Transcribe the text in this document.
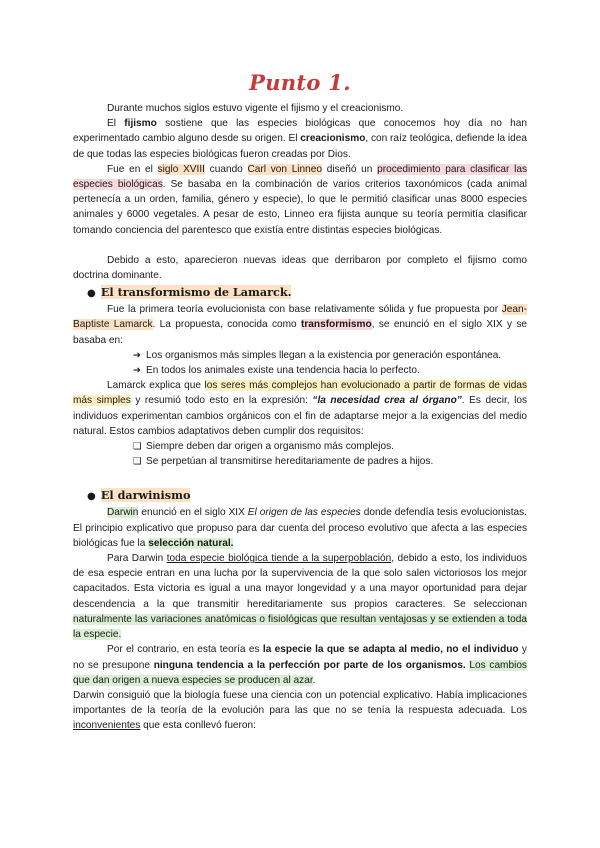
Punto 1.

Durante muchos siglos estuvo vigente el fijismo y el creacionismo.

El fijismo sostiene que las especies biológicas que conocemos hoy día no han experimentado cambio alguno desde su origen. El creacionismo, con raíz teológica, defiende la idea de que todas las especies biológicas fueron creadas por Dios.

Fue en el siglo XVIII cuando Carl von Linneo diseñó un procedimiento para clasificar las especies biológicas. Se basaba en la combinación de varios criterios taxonómicos (cada animal pertenecía a un orden, familia, género y especie), lo que le permitió clasificar unas 8000 especies animales y 6000 vegetales. A pesar de esto, Linneo era fijista aunque su teoría permitía clasificar tomando conciencia del parentesco que existía entre distintas especies biológicas.

Debido a esto, aparecieron nuevas ideas que derribaron por completo el fijismo como doctrina dominante.

● El transformismo de Lamarck.

Fue la primera teoría evolucionista con base relativamente sólida y fue propuesta por Jean-Baptiste Lamarck. La propuesta, conocida como transformismo, se enunció en el siglo XIX y se basaba en:

➔ Los organismos más simples llegan a la existencia por generación espontánea.
➔ En todos los animales existe una tendencia hacia lo perfecto.

Lamarck explica que los seres más complejos han evolucionado a partir de formas de vidas más simples y resumió todo esto en la expresión: “la necesidad crea al órgano”. Es decir, los individuos experimentan cambios orgánicos con el fin de adaptarse mejor a la exigencias del medio natural. Estos cambios adaptativos deben cumplir dos requisitos:

❑ Siempre deben dar origen a organismo más complejos.
❑ Se perpetúan al transmitirse hereditariamente de padres a hijos.
● El darwinismo

Darwin enunció en el siglo XIX El origen de las especies donde defendía tesis evolucionistas. El principio explicativo que propuso para dar cuenta del proceso evolutivo que afecta a las especies biológicas fue la selección natural.

Para Darwin toda especie biológica tiende a la superpoblación, debido a esto, los individuos de esa especie entran en una lucha por la supervivencia de la que solo salen victoriosos los mejor capacitados. Esta victoria es igual a una mayor longevidad y a una mayor oportunidad para dejar descendencia a la que transmitir hereditariamente sus propios caracteres. Se seleccionan naturalmente las variaciones anatómicas o fisiológicas que resultan ventajosas y se extienden a toda la especie.

Por el contrario, en esta teoría es la especie la que se adapta al medio, no el individuo y no se presupone ninguna tendencia a la perfección por parte de los organismos. Los cambios que dan origen a nueva especies se producen al azar.

Darwin consiguió que la biología fuese una ciencia con un potencial explicativo. Había implicaciones importantes de la teoría de la evolución para las que no se tenía la respuesta adecuada. Los inconvenientes que esta conllevó fueron:
